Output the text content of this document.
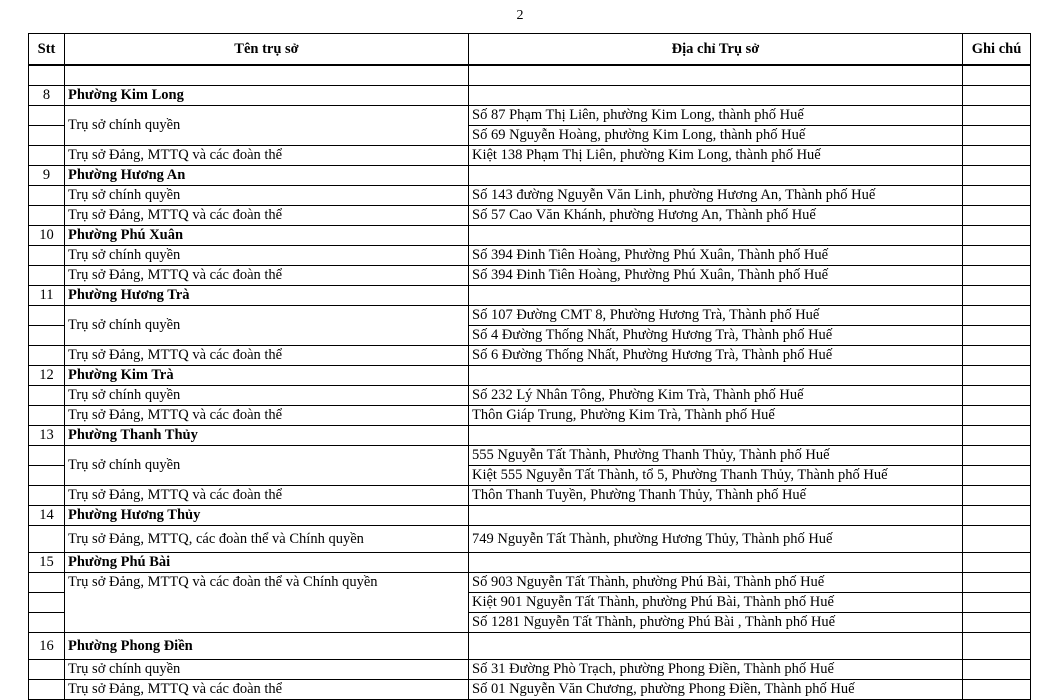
2
Stt	Tên trụ sở	Địa chỉ Trụ sở	Ghi chú

8	Phường Kim Long		
	Trụ sở chính quyền	Số 87 Phạm Thị Liên, phường Kim Long, thành phố Huế	
		Số 69 Nguyễn Hoàng, phường Kim Long, thành phố Huế	
	Trụ sở Đảng, MTTQ và các đoàn thể	Kiệt 138 Phạm Thị Liên, phường Kim Long, thành phố Huế	
9	Phường Hương An		
	Trụ sở chính quyền	Số 143 đường Nguyễn Văn Linh, phường Hương An, Thành phố Huế	
	Trụ sở Đảng, MTTQ và các đoàn thể	Số 57 Cao Văn Khánh, phường Hương An, Thành phố Huế	
10	Phường Phú Xuân		
	Trụ sở chính quyền	Số 394 Đinh Tiên Hoàng, Phường Phú Xuân, Thành phố Huế	
	Trụ sở Đảng, MTTQ và các đoàn thể	Số 394 Đinh Tiên Hoàng, Phường Phú Xuân, Thành phố Huế	
11	Phường Hương Trà		
	Trụ sở chính quyền	Số 107 Đường CMT 8, Phường Hương Trà, Thành phố Huế	
		Số 4 Đường Thống Nhất, Phường Hương Trà, Thành phố Huế	
	Trụ sở Đảng, MTTQ và các đoàn thể	Số 6 Đường Thống Nhất, Phường Hương Trà, Thành phố Huế	
12	Phường Kim Trà		
	Trụ sở chính quyền	Số 232 Lý Nhân Tông, Phường Kim Trà, Thành phố Huế	
	Trụ sở Đảng, MTTQ và các đoàn thể	Thôn Giáp Trung, Phường Kim Trà, Thành phố Huế	
13	Phường Thanh Thủy		
	Trụ sở chính quyền	555 Nguyễn Tất Thành, Phường Thanh Thủy, Thành phố Huế	
		Kiệt 555 Nguyễn Tất Thành, tổ 5, Phường Thanh Thủy, Thành phố Huế	
	Trụ sở Đảng, MTTQ và các đoàn thể	Thôn Thanh Tuyền, Phường Thanh Thủy, Thành phố Huế	
14	Phường Hương Thủy		
	Trụ sở Đảng, MTTQ, các đoàn thể và Chính quyền	749 Nguyễn Tất Thành, phường Hương Thủy, Thành phố Huế	
15	Phường Phú Bài		
	Trụ sở Đảng, MTTQ và các đoàn thể và Chính quyền	Số 903 Nguyễn Tất Thành, phường Phú Bài, Thành phố Huế	
		Kiệt 901 Nguyễn Tất Thành, phường Phú Bài, Thành phố Huế	
		Số 1281 Nguyễn Tất Thành, phường Phú Bài , Thành phố Huế	
16	Phường Phong Điền		
	Trụ sở chính quyền	Số 31 Đường Phò Trạch, phường Phong Điền, Thành phố Huế	
	Trụ sở Đảng, MTTQ và các đoàn thể	Số 01 Nguyễn Văn Chương, phường Phong Điền, Thành phố Huế	
